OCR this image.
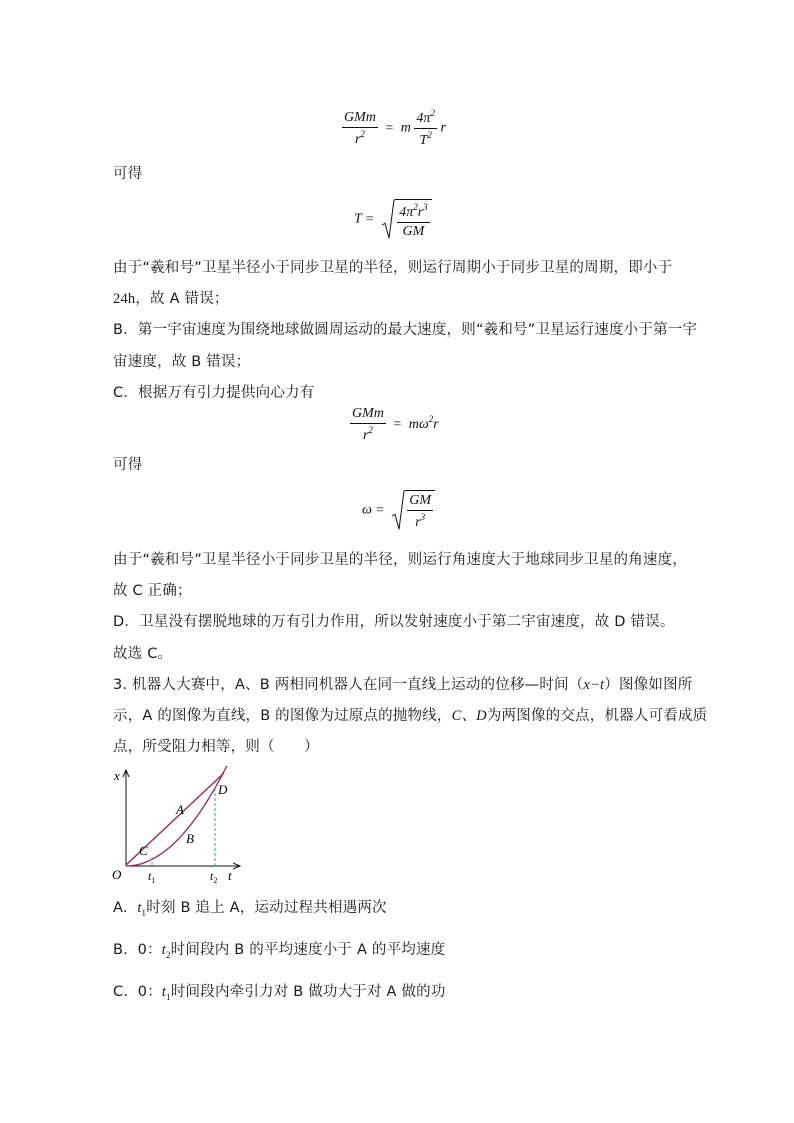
$\frac{\text{GMm}}{r^2} = m \frac{4\pi^2}{T^2}$ r
可得
$T = \frac{4\pi^2r^3}{GM}$
由于“羲和号”卫星半径小于同步卫星的半径，则运行周期小于同步卫星的周期，即小于
24h，故 A 错误；
B．第一宇宙速度为围绕地球做圆周运动的最大速度，则“羲和号”卫星运行速度小于第一宇
宙速度，故 B 错误；
C．根据万有引力提供向心力有
$\frac{\text{GMm}}{r^2} = m\omega^2r$
可得
$\omega = \frac{GM}{r^3}$
由于“羲和号”卫星半径小于同步卫星的半径，则运行角速度大于地球同步卫星的角速度，
故 C 正确；
D．卫星没有摆脱地球的万有引力作用，所以发射速度小于第二宇宙速度，故 D 错误。
故选 C。
3. 机器人大赛中，A、B 两相同机器人在同一直线上运动的位移—时间（x−t）图像如图所
示，A 的图像为直线，B 的图像为过原点的抛物线，C、D为两图像的交点，机器人可看成质
点，所受阻力相等，则（　　）
x
t
O
A
B
C
D
$t_1$	$t_2$
A. $t_1$时刻 B 追上 A，运动过程共相遇两次
B. 0：$t_2$时间段内 B 的平均速度小于 A 的平均速度
C. 0：$t_1$时间段内牵引力对 B 做功大于对 A 做的功
